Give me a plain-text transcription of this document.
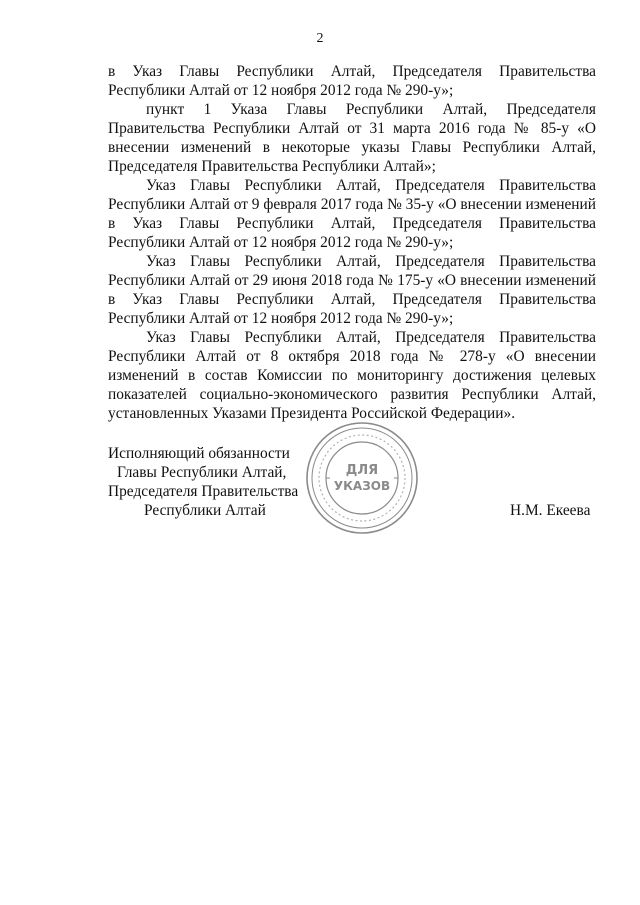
2

в Указ Главы Республики Алтай, Председателя Правительства Республики Алтай от 12 ноября 2012 года № 290-у»;

пункт 1 Указа Главы Республики Алтай, Председателя Правительства Республики Алтай от 31 марта 2016 года № 85-у «О внесении изменений в некоторые указы Главы Республики Алтай, Председателя Правительства Республики Алтай»;

Указ Главы Республики Алтай, Председателя Правительства Республики Алтай от 9 февраля 2017 года № 35-у «О внесении изменений в Указ Главы Республики Алтай, Председателя Правительства Республики Алтай от 12 ноября 2012 года № 290-у»;

Указ Главы Республики Алтай, Председателя Правительства Республики Алтай от 29 июня 2018 года № 175-у «О внесении изменений в Указ Главы Республики Алтай, Председателя Правительства Республики Алтай от 12 ноября 2012 года № 290-у»;

Указ Главы Республики Алтай, Председателя Правительства Республики Алтай от 8 октября 2018 года № 278-у «О внесении изменений в состав Комиссии по мониторингу достижения целевых показателей социально-экономического развития Республики Алтай, установленных Указами Президента Российской Федерации».

Исполняющий обязанности
Главы Республики Алтай,
Председателя Правительства
Республики Алтай
ДЛЯ
УКАЗОВ
Н.М. Екеева
